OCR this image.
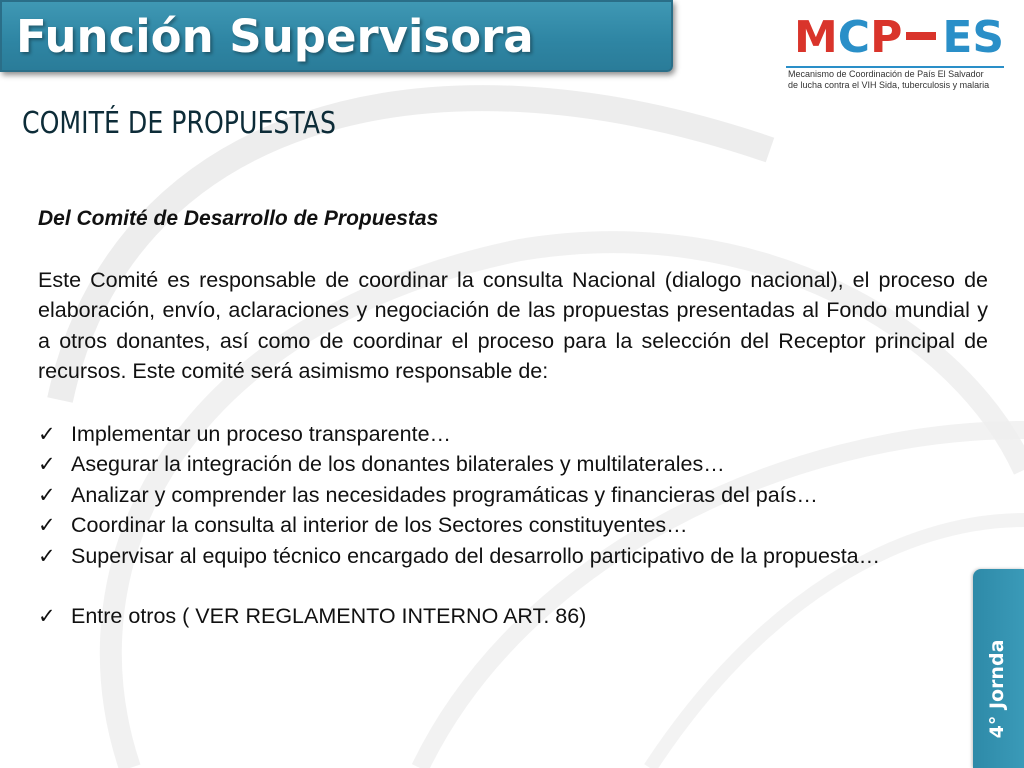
Función Supervisora	MCP ES
Mecanismo de Coordinación de País El Salvador
de lucha contra el VIH Sida, tuberculosis y malaria
COMITÉ DE PROPUESTAS
Del Comité de Desarrollo de Propuestas

Este Comité es responsable de coordinar la consulta Nacional (dialogo nacional), el proceso de elaboración, envío, aclaraciones y negociación de las propuestas presentadas al Fondo mundial y a otros donantes, así como de coordinar el proceso para la selección del Receptor principal de recursos. Este comité será asimismo responsable de:

✓ Implementar un proceso transparente…
✓ Asegurar la integración de los donantes bilaterales y multilaterales…
✓ Analizar y comprender las necesidades programáticas y financieras del país…
✓ Coordinar la consulta al interior de los Sectores constituyentes…
✓ Supervisar al equipo técnico encargado del desarrollo participativo de la propuesta…
✓ Entre otros ( VER REGLAMENTO INTERNO ART. 86)
4° Jornda
